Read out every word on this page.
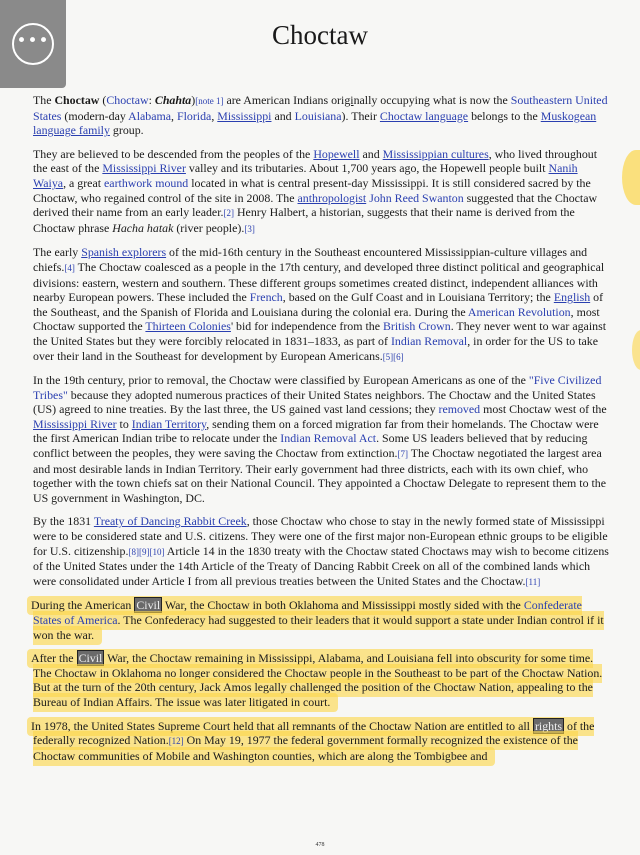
•••	Choctaw

The Choctaw (Choctaw: Chahta)[note 1] are American Indians originally occupying what is now the Southeastern United States (modern-day Alabama, Florida, Mississippi and Louisiana). Their Choctaw language belongs to the Muskogean language family group.

They are believed to be descended from the peoples of the Hopewell and Mississippian cultures, who lived throughout the east of the Mississippi River valley and its tributaries. About 1,700 years ago, the Hopewell people built Nanih Waiya, a great earthwork mound located in what is central present-day Mississippi. It is still considered sacred by the Choctaw, who regained control of the site in 2008. The anthropologist John Reed Swanton suggested that the Choctaw derived their name from an early leader.[2] Henry Halbert, a historian, suggests that their name is derived from the Choctaw phrase Hacha hatak (river people).[3]

The early Spanish explorers of the mid-16th century in the Southeast encountered Mississippian-culture villages and chiefs.[4] The Choctaw coalesced as a people in the 17th century, and developed three distinct political and geographical divisions: eastern, western and southern. These different groups sometimes created distinct, independent alliances with nearby European powers. These included the French, based on the Gulf Coast and in Louisiana Territory; the English of the Southeast, and the Spanish of Florida and Louisiana during the colonial era. During the American Revolution, most Choctaw supported the Thirteen Colonies' bid for independence from the British Crown. They never went to war against the United States but they were forcibly relocated in 1831–1833, as part of Indian Removal, in order for the US to take over their land in the Southeast for development by European Americans.[5][6]

In the 19th century, prior to removal, the Choctaw were classified by European Americans as one of the "Five Civilized Tribes" because they adopted numerous practices of their United States neighbors. The Choctaw and the United States (US) agreed to nine treaties. By the last three, the US gained vast land cessions; they removed most Choctaw west of the Mississippi River to Indian Territory, sending them on a forced migration far from their homelands. The Choctaw were the first American Indian tribe to relocate under the Indian Removal Act. Some US leaders believed that by reducing conflict between the peoples, they were saving the Choctaw from extinction.[7] The Choctaw negotiated the largest area and most desirable lands in Indian Territory. Their early government had three districts, each with its own chief, who together with the town chiefs sat on their National Council. They appointed a Choctaw Delegate to represent them to the US government in Washington, DC.

By the 1831 Treaty of Dancing Rabbit Creek, those Choctaw who chose to stay in the newly formed state of Mississippi were to be considered state and U.S. citizens. They were one of the first major non-European ethnic groups to be eligible for U.S. citizenship.[8][9][10] Article 14 in the 1830 treaty with the Choctaw stated Choctaws may wish to become citizens of the United States under the 14th Article of the Treaty of Dancing Rabbit Creek on all of the combined lands which were consolidated under Article I from all previous treaties between the United States and the Choctaw.[11]

During the American Civil War, the Choctaw in both Oklahoma and Mississippi mostly sided with the Confederate States of America. The Confederacy had suggested to their leaders that it would support a state under Indian control if it won the war.

After the Civil War, the Choctaw remaining in Mississippi, Alabama, and Louisiana fell into obscurity for some time. The Choctaw in Oklahoma no longer considered the Choctaw people in the Southeast to be part of the Choctaw Nation. But at the turn of the 20th century, Jack Amos legally challenged the position of the Choctaw Nation, appealing to the Bureau of Indian Affairs. The issue was later litigated in court.

In 1978, the United States Supreme Court held that all remnants of the Choctaw Nation are entitled to all rights of the federally recognized Nation.[12] On May 19, 1977 the federal government formally recognized the existence of the Choctaw communities of Mobile and Washington counties, which are along the Tombigbee and

478
